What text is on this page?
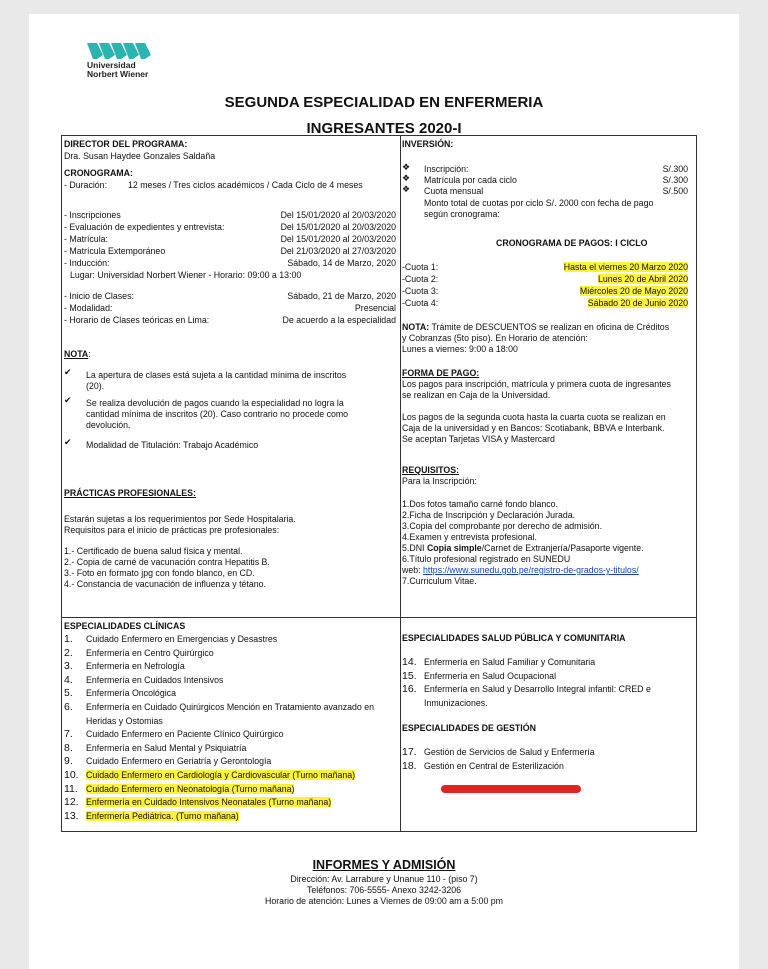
Universidad
Norbert Wiener
SEGUNDA ESPECIALIDAD EN ENFERMERIA
INGRESANTES 2020-I
DIRECTOR DEL PROGRAMA:
Dra. Susan Haydee Gonzales Saldaña
CRONOGRAMA:
- Duración: 12 meses / Tres ciclos académicos / Cada Ciclo de 4 meses
- Inscripciones	Del 15/01/2020 al 20/03/2020
- Evaluación de expedientes y entrevista:	Del 15/01/2020 al 20/03/2020
- Matrícula:	Del 15/01/2020 al 20/03/2020
- Matrícula Extemporáneo	Del 21/03/2020 al 27/03/2020
- Inducción:	Sábado, 14 de Marzo, 2020
Lugar: Universidad Norbert Wiener - Horario: 09:00 a 13:00
- Inicio de Clases:	Sábado, 21 de Marzo, 2020
- Modalidad:	Presencial
- Horario de Clases teóricas en Lima:	De acuerdo a la especialidad
NOTA:
✔ La apertura de clases está sujeta a la cantidad mínima de inscritos
(20).
✔ Se realiza devolución de pagos cuando la especialidad no logra la
cantidad mínima de inscritos (20). Caso contrario no procede como
devolución.
✔ Modalidad de Titulación: Trabajo Académico
PRÁCTICAS PROFESIONALES:
Estarán sujetas a los requerimientos por Sede Hospitalaria.
Requisitos para el inicio de prácticas pre profesionales:
1.- Certificado de buena salud física y mental.
2.- Copia de carné de vacunación contra Hepatitis B.
3.- Foto en formato jpg con fondo blanco, en CD.
4.- Constancia de vacunación de influenza y tétano.
INVERSIÓN:
❖ Inscripción:	S/.300
❖ Matrícula por cada ciclo	S/.300
❖ Cuota mensual	S/.500
Monto total de cuotas por ciclo S/. 2000 con fecha de pago
según cronograma:
CRONOGRAMA DE PAGOS: I CICLO
-Cuota 1:	Hasta el viernes 20 Marzo 2020
-Cuota 2:	Lunes 20 de Abril 2020
-Cuota 3:	Miércoles 20 de Mayo 2020
-Cuota 4:	Sábado 20 de Junio 2020
NOTA: Trámite de DESCUENTOS se realizan en oficina de Créditos
y Cobranzas (5to piso). En Horario de atención:
Lunes a viernes: 9:00 a 18:00
FORMA DE PAGO:
Los pagos para inscripción, matrícula y primera cuota de ingresantes
se realizan en Caja de la Universidad.
Los pagos de la segunda cuota hasta la cuarta cuota se realizan en
Caja de la universidad y en Bancos: Scotiabank, BBVA e Interbank.
Se aceptan Tarjetas VISA y Mastercard
REQUISITOS:
Para la Inscripción:
1.Dos fotos tamaño carné fondo blanco.
2.Ficha de Inscripción y Declaración Jurada.
3.Copia del comprobante por derecho de admisión.
4.Examen y entrevista profesional.
5.DNI Copia simple/Carnet de Extranjería/Pasaporte vigente.
6.Título profesional registrado en SUNEDU
web: https://www.sunedu.gob.pe/registro-de-grados-y-titulos/
7.Curriculum Vitae.
ESPECIALIDADES CLÍNICAS
1. Cuidado Enfermero en Emergencias y Desastres
2. Enfermería en Centro Quirúrgico
3. Enfermería en Nefrología
4. Enfermería en Cuidados Intensivos
5. Enfermería Oncológica
6. Enfermería en Cuidado Quirúrgicos Mención en Tratamiento avanzado en
Heridas y Ostomias
7. Cuidado Enfermero en Paciente Clínico Quirúrgico
8. Enfermería en Salud Mental y Psiquiatría
9. Cuidado Enfermero en Geriatría y Gerontología
10. Cuidado Enfermero en Cardiología y Cardiovascular (Turno mañana)
11. Cuidado Enfermero en Neonatología (Turno mañana)
12. Enfermería en Cuidado Intensivos Neonatales (Turno mañana)
13. Enfermería Pediátrica. (Turno mañana)
ESPECIALIDADES SALUD PÚBLICA Y COMUNITARIA
14. Enfermería en Salud Familiar y Comunitaria
15. Enfermería en Salud Ocupacional
16. Enfermería en Salud y Desarrollo Integral infantil: CRED e
Inmunizaciones.
ESPECIALIDADES DE GESTIÓN
17. Gestión de Servicios de Salud y Enfermería
18. Gestión en Central de Esterilización
INFORMES Y ADMISIÓN
Dirección: Av. Larrabure y Unanue 110 - (piso 7)
Teléfonos: 706-5555- Anexo 3242-3206
Horario de atención: Lunes a Viernes de 09:00 am a 5:00 pm
